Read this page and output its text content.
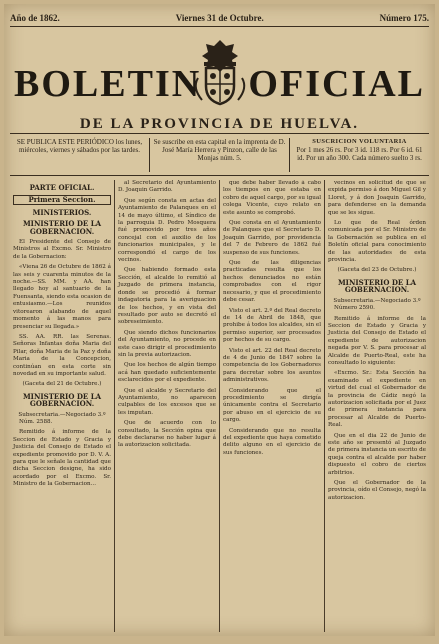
Año de 1862.	Viernes 31 de Octubre.	Número 175.
BOLETIN OFICIAL
DE LA PROVINCIA DE HUELVA.
SE PUBLICA ESTE PERIÓDICO los lunes, miércoles, viernes y sábados por las tardes.
Se suscribe en esta capital en la imprenta de D. José María Herrera y Pinzon, calle de las Monjas núm. 5.
SUSCRICION VOLUNTARIA
Por 1 mes 26 rs. Por 3 id. 118 rs. Por 6 id. 61 id. Por un año 300. Cada número suelto 3 rs.
PARTE OFICIAL.
Primera Seccion.
MINISTERIOS.
MINISTERIO DE LA GOBERNACION.

El Presidente del Consejo de Ministros al Excmo. Sr. Ministro de la Gobernacion:

«Viena 26 de Octubre de 1862 á las seis y cuarenta minutos de la noche.—SS. MM. y AA. han llegado hoy al santuario de la Fuensanta, siendo esta ocasion de entusiasmo.—Los reunidos vitorearon alabando de aquel momento á las manos para presenciar su llegada.»

SS. AA. RR. las Serenas. Señoras Infantas doña Maria del Pilar, doña Maria de la Paz y doña Maria de la Concepcion, continúan en esta corte sin novedad en su importante salud.

(Gaceta del 21 de Octubre.)
MINISTERIO DE LA GOBERNACION.
Subsecretaria.—Negociado 3.º

Núm. 2588.

Remitido á informe de la Seccion de Estado y Gracia y Justicia del Consejo de Estado el expediente promovido por D. V. A. para que le señale la cantidad que dicha Seccion designe, ha sido acordado por el Excmo. Sr. Ministro de la Gobernacion...

al Secretario del Ayuntamiento D. Joaquin Garrido.

Que según consta en actas del Ayuntamiento de Palanques en el 14 de mayo último, el Síndico de la parroquia D. Pedro Mosquera fué promovido por tres años concejal con el auxilio de los funcionarios municipales, y le correspondió el cargo de los vecinos.

Que habiendo formado esta Sección, el alcalde lo remitió al Juzgado de primera instancia, donde se procedió á formar indagatoria para la averiguacion de los hechos, y en vista del resultado por auto se decretó el sobreseimiento.

Que siendo dichos funcionarios del Ayuntamiento, no procede en este caso dirigir el procedimiento sin la previa autorizacion.

Que los hechos de algún tiempo acá han quedado suficientemente esclarecidos por el expediente.

Que el alcalde y Secretario del Ayuntamiento, no aparecen culpables de los excesos que se les imputan.

Que de acuerdo con lo consultado, la Sección opina que debe declararse no haber lugar á la autorizacion solicitada.

que debe haber llevado á cabo los tiempos en que estaba en cobro de aquel cargo, por su igual colega Vicente, cuyo relato en este asunto se comprobó.

Que consta en el Ayuntamiento de Palanques que el Secretario D. Joaquin Garrido, por providencia del 7 de Febrero de 1862 fué suspenso de sus funciones.

Que de las diligencias practicadas resulta que los hechos denunciados no están comprobados con el rigor necesario, y que el procedimiento debe cesar.

Visto el art. 2.º del Real decreto de 14 de Abril de 1848, que prohibe á todos los alcaldes, sin el permiso superior, ser procesados por hechos de su cargo.

Visto el art. 22 del Real decreto de 4 de Junio de 1847 sobre la competencia de los Gobernadores para decretar sobre los asuntos administrativos.

Considerando que el procedimiento se dirigía únicamente contra el Secretario por abuso en el ejercicio de su cargo.

Considerando que no resulta del expediente que haya cometido delito alguno en el ejercicio de sus funciones.

vecinos en solicitud de que se expida permiso á don Miguel Gil y Lloret, y á don Joaquin Garrido, para defenderse en la demanda que se les sigue.

Lo que de Real órden comunicada por el Sr. Ministro de la Gobernación se publica en el Boletín oficial para conocimiento de las autoridades de esta provincia.

(Gaceta del 23 de Octubre.)
MINISTERIO DE LA GOBERNACION.
Subsecretaria.—Negociado 3.º

Número 2590.

Remitido á informe de la Seccion de Estado y Gracia y Justicia del Consejo de Estado el expediente de autorizacion negada por V. S. para procesar al Alcalde de Puerto-Real, este ha consultado lo siguiente:

«Excmo. Sr.: Esta Sección ha examinado el expediente en virtud del cual el Gobernador de la provincia de Cádiz negó la autorizacion solicitada por el Juez de primera instancia para procesar al Alcalde de Puerto-Real.

Que en el dia 22 de Junio de este año se presentó al Juzgado de primera instancia un escrito de queja contra el alcalde por haber dispuesto el cobro de ciertos arbitrios.

Que el Gobernador de la provincia, oído el Consejo, negó la autorizacion.
